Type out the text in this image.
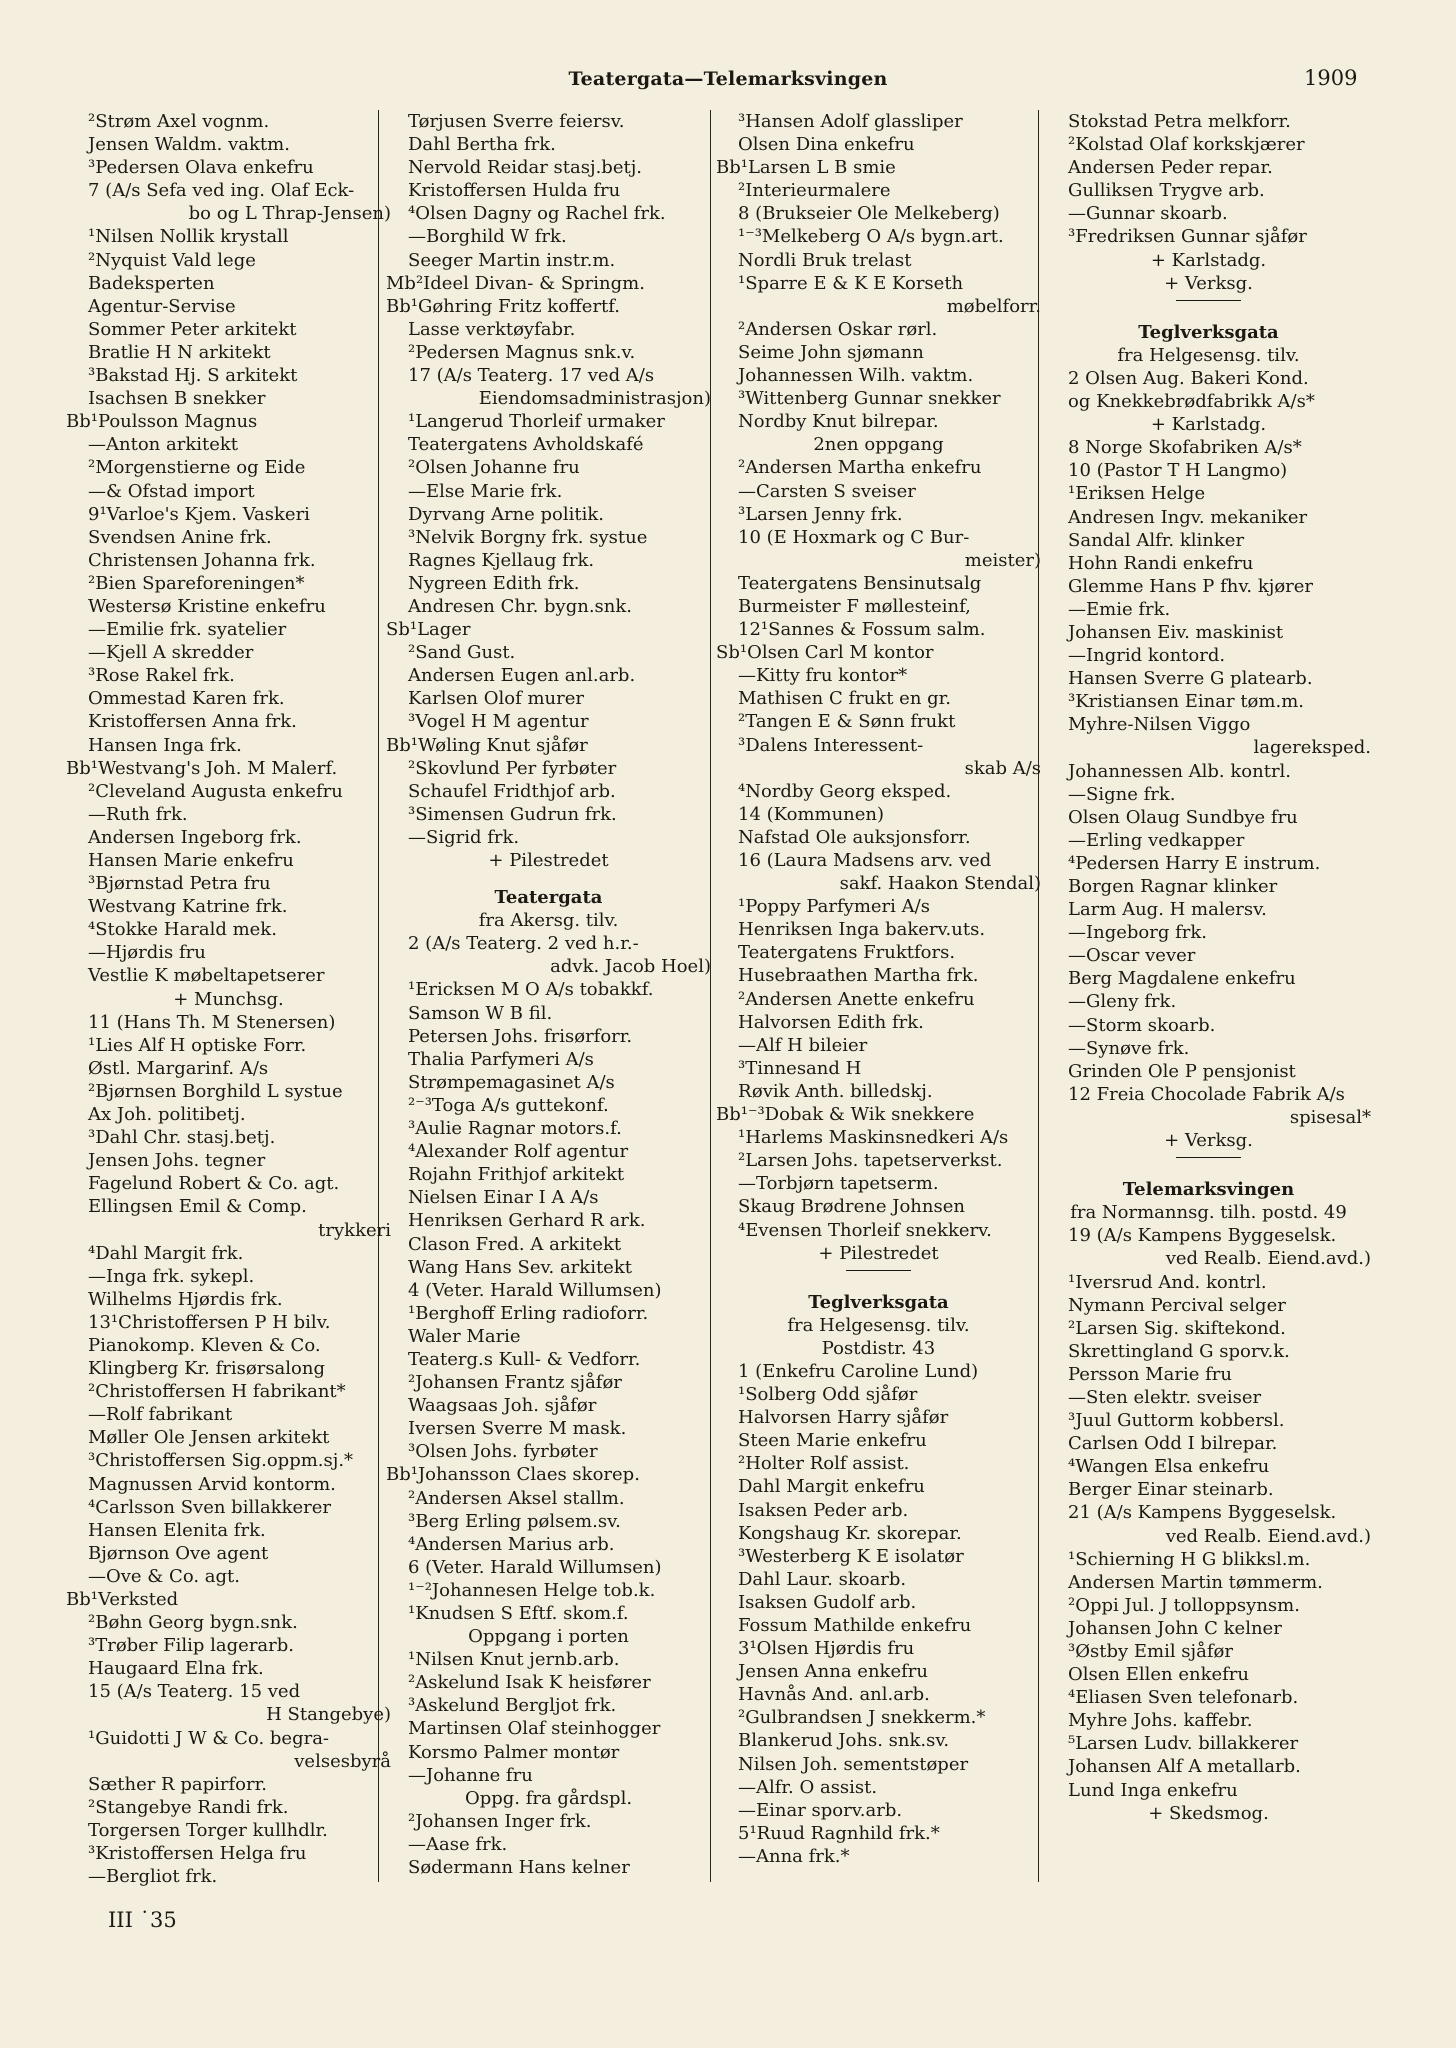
Teatergata—Telemarksvingen	1909
²Strøm Axel vognm.
Jensen Waldm. vaktm.
³Pedersen Olava enkefru
7 (A/s Sefa ved ing. Olaf Eck-
bo og L Thrap-Jensen)
¹Nilsen Nollik krystall
²Nyquist Vald lege
Badeksperten
Agentur-Servise
Sommer Peter arkitekt
Bratlie H N arkitekt
³Bakstad Hj. S arkitekt
Isachsen B snekker
Bb¹Poulsson Magnus
—Anton arkitekt
²Morgenstierne og Eide
—& Ofstad import
9¹Varloe's Kjem. Vaskeri
Svendsen Anine frk.
Christensen Johanna frk.
²Bien Spareforeningen*
Westersø Kristine enkefru
—Emilie frk. syatelier
—Kjell A skredder
³Rose Rakel frk.
Ommestad Karen frk.
Kristoffersen Anna frk.
Hansen Inga frk.
Bb¹Westvang's Joh. M Malerf.
²Cleveland Augusta enkefru
—Ruth frk.
Andersen Ingeborg frk.
Hansen Marie enkefru
³Bjørnstad Petra fru
Westvang Katrine frk.
⁴Stokke Harald mek.
—Hjørdis fru
Vestlie K møbeltapetserer
+ Munchsg.
11 (Hans Th. M Stenersen)
¹Lies Alf H optiske Forr.
Østl. Margarinf. A/s
²Bjørnsen Borghild L systue
Ax Joh. politibetj.
³Dahl Chr. stasj.betj.
Jensen Johs. tegner
Fagelund Robert & Co. agt.
Ellingsen Emil & Comp.
trykkeri
⁴Dahl Margit frk.
—Inga frk. sykepl.
Wilhelms Hjørdis frk.
13¹Christoffersen P H bilv.
Pianokomp. Kleven & Co.
Klingberg Kr. frisørsalong
²Christoffersen H fabrikant*
—Rolf fabrikant
Møller Ole Jensen arkitekt
³Christoffersen Sig.oppm.sj.*
Magnussen Arvid kontorm.
⁴Carlsson Sven billakkerer
Hansen Elenita frk.
Bjørnson Ove agent
—Ove & Co. agt.
Bb¹Verksted
²Bøhn Georg bygn.snk.
³Trøber Filip lagerarb.
Haugaard Elna frk.
15 (A/s Teaterg. 15 ved
H Stangebye)
¹Guidotti J W & Co. begra-
velsesbyrå
Sæther R papirforr.
²Stangebye Randi frk.
Torgersen Torger kullhdlr.
³Kristoffersen Helga fru
—Bergliot frk.
Tørjusen Sverre feiersv.
Dahl Bertha frk.
Nervold Reidar stasj.betj.
Kristoffersen Hulda fru
⁴Olsen Dagny og Rachel frk.
—Borghild W frk.
Seeger Martin instr.m.
Mb²Ideel Divan- & Springm.
Bb¹Gøhring Fritz koffertf.
Lasse verktøyfabr.
²Pedersen Magnus snk.v.
17 (A/s Teaterg. 17 ved A/s
Eiendomsadministrasjon)
¹Langerud Thorleif urmaker
Teatergatens Avholdskafé
²Olsen Johanne fru
—Else Marie frk.
Dyrvang Arne politik.
³Nelvik Borgny frk. systue
Ragnes Kjellaug frk.
Nygreen Edith frk.
Andresen Chr. bygn.snk.
Sb¹Lager
²Sand Gust.
Andersen Eugen anl.arb.
Karlsen Olof murer
³Vogel H M agentur
Bb¹Wøling Knut sjåfør
²Skovlund Per fyrbøter
Schaufel Fridthjof arb.
³Simensen Gudrun frk.
—Sigrid frk.
+ Pilestredet
Teatergata
fra Akersg. tilv.
2 (A/s Teaterg. 2 ved h.r.-
advk. Jacob Hoel)
¹Ericksen M O A/s tobakkf.
Samson W B fil.
Petersen Johs. frisørforr.
Thalia Parfymeri A/s
Strømpemagasinet A/s
²⁻³Toga A/s guttekonf.
³Aulie Ragnar motors.f.
⁴Alexander Rolf agentur
Rojahn Frithjof arkitekt
Nielsen Einar I A A/s
Henriksen Gerhard R ark.
Clason Fred. A arkitekt
Wang Hans Sev. arkitekt
4 (Veter. Harald Willumsen)
¹Berghoff Erling radioforr.
Waler Marie
Teaterg.s Kull- & Vedforr.
²Johansen Frantz sjåfør
Waagsaas Joh. sjåfør
Iversen Sverre M mask.
³Olsen Johs. fyrbøter
Bb¹Johansson Claes skorep.
²Andersen Aksel stallm.
³Berg Erling pølsem.sv.
⁴Andersen Marius arb.
6 (Veter. Harald Willumsen)
¹⁻²Johannesen Helge tob.k.
¹Knudsen S Eftf. skom.f.
Oppgang i porten
¹Nilsen Knut jernb.arb.
²Askelund Isak K heisfører
³Askelund Bergljot frk.
Martinsen Olaf steinhogger
Korsmo Palmer montør
—Johanne fru
Oppg. fra gårdspl.
²Johansen Inger frk.
—Aase frk.
Sødermann Hans kelner
³Hansen Adolf glassliper
Olsen Dina enkefru
Bb¹Larsen L B smie
²Interieurmalere
8 (Brukseier Ole Melkeberg)
¹⁻³Melkeberg O A/s bygn.art.
Nordli Bruk trelast
¹Sparre E & K E Korseth
møbelforr.
²Andersen Oskar rørl.
Seime John sjømann
Johannessen Wilh. vaktm.
³Wittenberg Gunnar snekker
Nordby Knut bilrepar.
2nen oppgang
²Andersen Martha enkefru
—Carsten S sveiser
³Larsen Jenny frk.
10 (E Hoxmark og C Bur-
meister)
Teatergatens Bensinutsalg
Burmeister F møllesteinf,
12¹Sannes & Fossum salm.
Sb¹Olsen Carl M kontor
—Kitty fru kontor*
Mathisen C frukt en gr.
²Tangen E & Sønn frukt
³Dalens Interessent-
skab A/s
⁴Nordby Georg eksped.
14 (Kommunen)
Nafstad Ole auksjonsforr.
16 (Laura Madsens arv. ved
sakf. Haakon Stendal)
¹Poppy Parfymeri A/s
Henriksen Inga bakerv.uts.
Teatergatens Fruktfors.
Husebraathen Martha frk.
²Andersen Anette enkefru
Halvorsen Edith frk.
—Alf H bileier
³Tinnesand H
Røvik Anth. billedskj.
Bb¹⁻³Dobak & Wik snekkere
¹Harlems Maskinsnedkeri A/s
²Larsen Johs. tapetserverkst.
—Torbjørn tapetserm.
Skaug Brødrene Johnsen
⁴Evensen Thorleif snekkerv.
+ Pilestredet
Teglverksgata
fra Helgesensg. tilv.
Postdistr. 43
1 (Enkefru Caroline Lund)
¹Solberg Odd sjåfør
Halvorsen Harry sjåfør
Steen Marie enkefru
²Holter Rolf assist.
Dahl Margit enkefru
Isaksen Peder arb.
Kongshaug Kr. skorepar.
³Westerberg K E isolatør
Dahl Laur. skoarb.
Isaksen Gudolf arb.
Fossum Mathilde enkefru
3¹Olsen Hjørdis fru
Jensen Anna enkefru
Havnås And. anl.arb.
²Gulbrandsen J snekkerm.*
Blankerud Johs. snk.sv.
Nilsen Joh. sementstøper
—Alfr. O assist.
—Einar sporv.arb.
5¹Ruud Ragnhild frk.*
—Anna frk.*
Stokstad Petra melkforr.
²Kolstad Olaf korkskjærer
Andersen Peder repar.
Gulliksen Trygve arb.
—Gunnar skoarb.
³Fredriksen Gunnar sjåfør
+ Karlstadg.
+ Verksg.
Teglverksgata
fra Helgesensg. tilv.
2 Olsen Aug. Bakeri Kond.
og Knekkebrødfabrikk A/s*
+ Karlstadg.
8 Norge Skofabriken A/s*
10 (Pastor T H Langmo)
¹Eriksen Helge
Andresen Ingv. mekaniker
Sandal Alfr. klinker
Hohn Randi enkefru
Glemme Hans P fhv. kjører
—Emie frk.
Johansen Eiv. maskinist
—Ingrid kontord.
Hansen Sverre G platearb.
³Kristiansen Einar tøm.m.
Myhre-Nilsen Viggo
lagereksped.
Johannessen Alb. kontrl.
—Signe frk.
Olsen Olaug Sundbye fru
—Erling vedkapper
⁴Pedersen Harry E instrum.
Borgen Ragnar klinker
Larm Aug. H malersv.
—Ingeborg frk.
—Oscar vever
Berg Magdalene enkefru
—Gleny frk.
—Storm skoarb.
—Synøve frk.
Grinden Ole P pensjonist
12 Freia Chocolade Fabrik A/s
spisesal*
+ Verksg.
Telemarksvingen
fra Normannsg. tilh. postd. 49
19 (A/s Kampens Byggeselsk.
ved Realb. Eiend.avd.)
¹Iversrud And. kontrl.
Nymann Percival selger
²Larsen Sig. skiftekond.
Skrettingland G sporv.k.
Persson Marie fru
—Sten elektr. sveiser
³Juul Guttorm kobbersl.
Carlsen Odd I bilrepar.
⁴Wangen Elsa enkefru
Berger Einar steinarb.
21 (A/s Kampens Byggeselsk.
ved Realb. Eiend.avd.)
¹Schierning H G blikksl.m.
Andersen Martin tømmerm.
²Oppi Jul. J tolloppsynsm.
Johansen John C kelner
³Østby Emil sjåfør
Olsen Ellen enkefru
⁴Eliasen Sven telefonarb.
Myhre Johs. kaffebr.
⁵Larsen Ludv. billakkerer
Johansen Alf A metallarb.
Lund Inga enkefru
+ Skedsmog.
III ˙35
